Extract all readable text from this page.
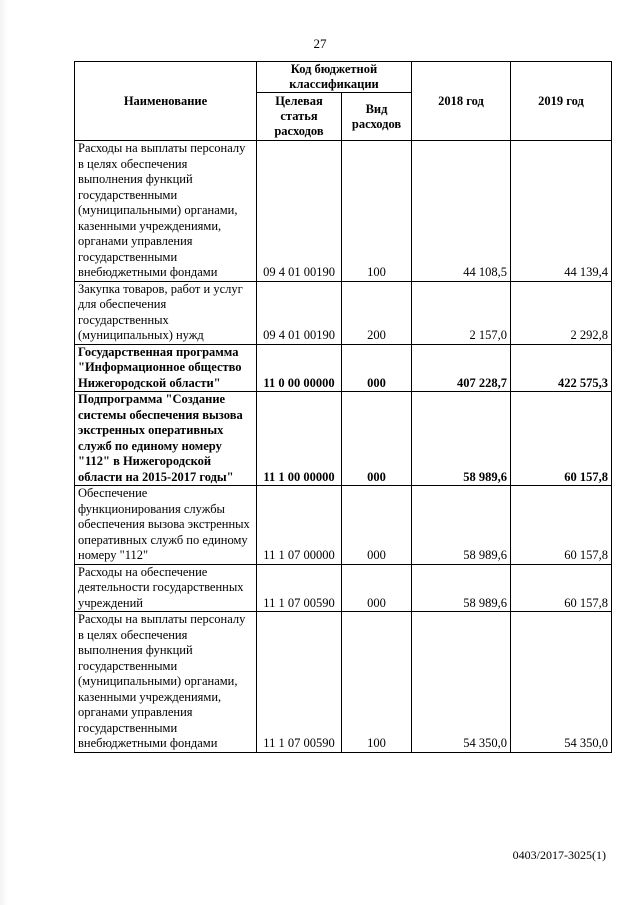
27
Наименование	Код бюджетной классификации		2018 год	2019 год
	Целевая статья расходов	Вид расходов		
Расходы на выплаты персоналу в целях обеспечения выполнения функций государственными (муниципальными) органами, казенными учреждениями, органами управления государственными внебюджетными фондами	09 4 01 00190	100	44 108,5	44 139,4
Закупка товаров, работ и услуг для обеспечения государственных (муниципальных) нужд	09 4 01 00190	200	2 157,0	2 292,8
Государственная программа "Информационное общество Нижегородской области"	11 0 00 00000	000	407 228,7	422 575,3
Подпрограмма "Создание системы обеспечения вызова экстренных оперативных служб по единому номеру "112" в Нижегородской области на 2015-2017 годы"	11 1 00 00000	000	58 989,6	60 157,8
Обеспечение функционирования службы обеспечения вызова экстренных оперативных служб по единому номеру "112"	11 1 07 00000	000	58 989,6	60 157,8
Расходы на обеспечение деятельности государственных учреждений	11 1 07 00590	000	58 989,6	60 157,8
Расходы на выплаты персоналу в целях обеспечения выполнения функций государственными (муниципальными) органами, казенными учреждениями, органами управления государственными внебюджетными фондами	11 1 07 00590	100	54 350,0	54 350,0
0403/2017-3025(1)
